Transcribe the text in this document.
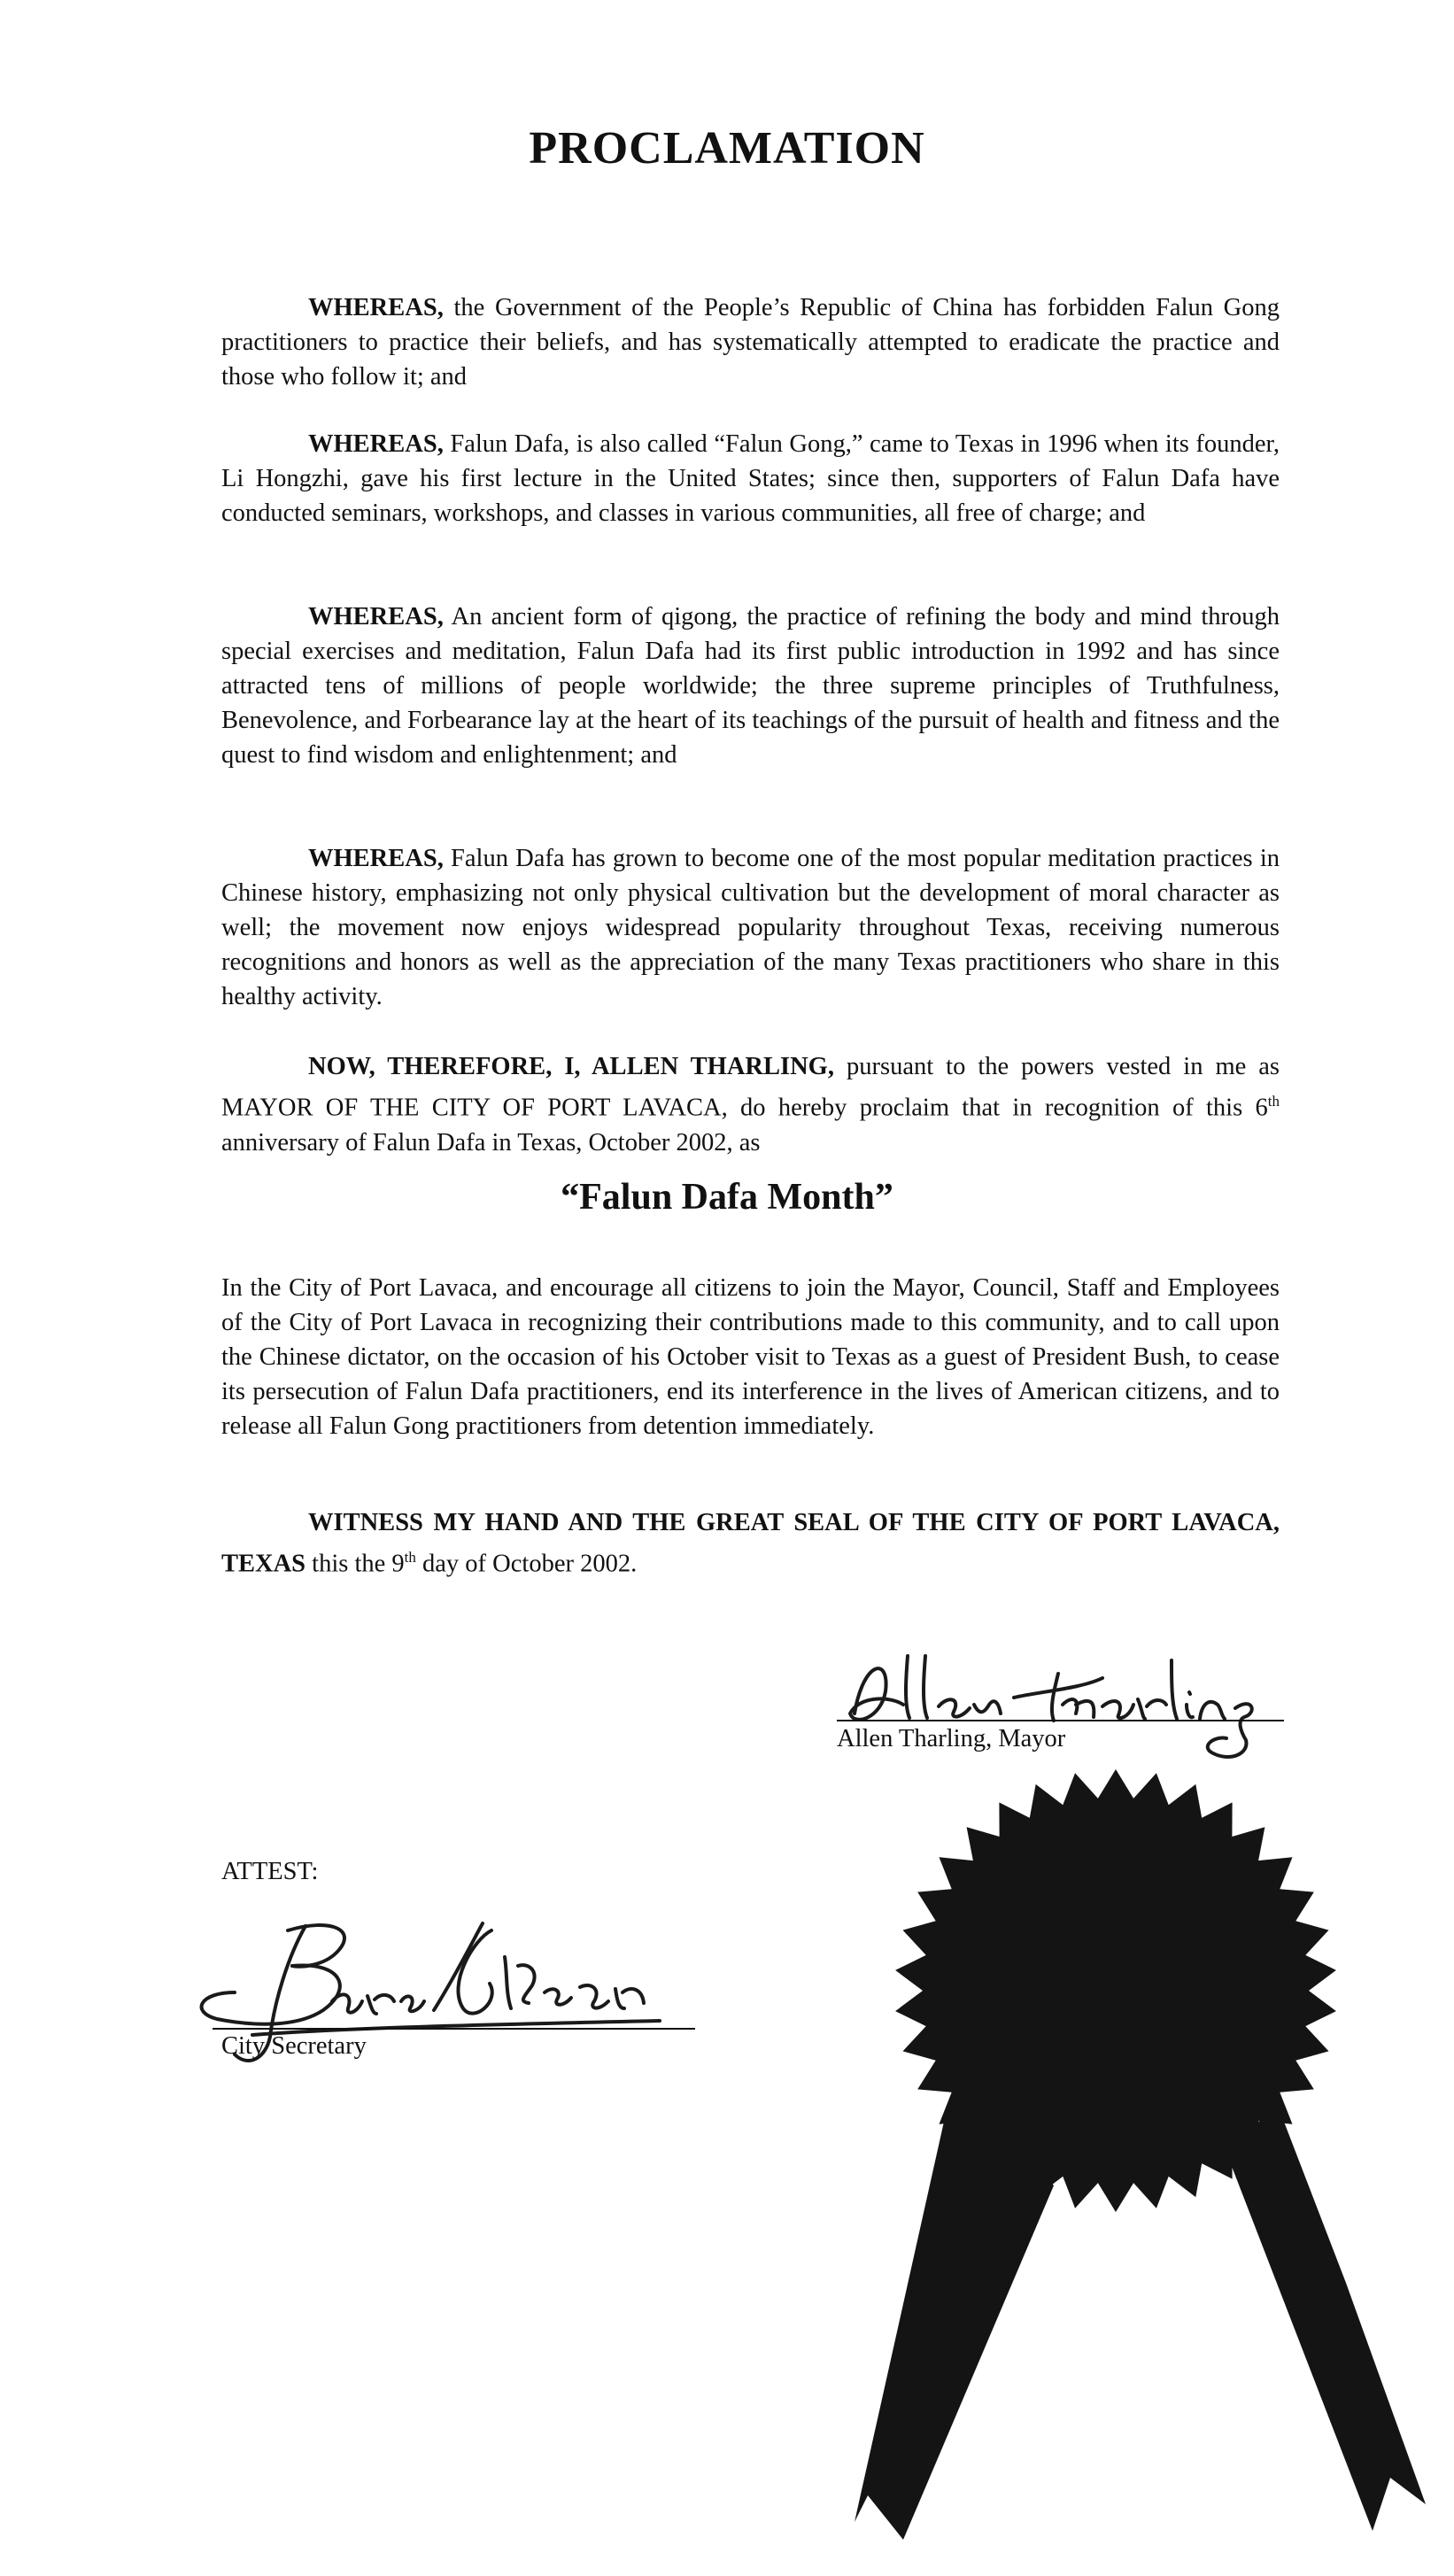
PROCLAMATION

WHEREAS, the Government of the People’s Republic of China has forbidden Falun Gong practitioners to practice their beliefs, and has systematically attempted to eradicate the practice and those who follow it; and

WHEREAS, Falun Dafa, is also called “Falun Gong,” came to Texas in 1996 when its founder, Li Hongzhi, gave his first lecture in the United States; since then, supporters of Falun Dafa have conducted seminars, workshops, and classes in various communities, all free of charge; and

WHEREAS, An ancient form of qigong, the practice of refining the body and mind through special exercises and meditation, Falun Dafa had its first public introduction in 1992 and has since attracted tens of millions of people worldwide; the three supreme principles of Truthfulness, Benevolence, and Forbearance lay at the heart of its teachings of the pursuit of health and fitness and the quest to find wisdom and enlightenment; and

WHEREAS, Falun Dafa has grown to become one of the most popular meditation practices in Chinese history, emphasizing not only physical cultivation but the development of moral character as well; the movement now enjoys widespread popularity throughout Texas, receiving numerous recognitions and honors as well as the appreciation of the many Texas practitioners who share in this healthy activity.

NOW, THEREFORE, I, ALLEN THARLING, pursuant to the powers vested in me as MAYOR OF THE CITY OF PORT LAVACA, do hereby proclaim that in recognition of this 6th anniversary of Falun Dafa in Texas, October 2002, as

“Falun Dafa Month”

In the City of Port Lavaca, and encourage all citizens to join the Mayor, Council, Staff and Employees of the City of Port Lavaca in recognizing their contributions made to this community, and to call upon the Chinese dictator, on the occasion of his October visit to Texas as a guest of President Bush, to cease its persecution of Falun Dafa practitioners, end its interference in the lives of American citizens, and to release all Falun Gong practitioners from detention immediately.

WITNESS MY HAND AND THE GREAT SEAL OF THE CITY OF PORT LAVACA, TEXAS this the 9th day of October 2002.

Allen Tharling, Mayor
ATTEST:
City Secretary
